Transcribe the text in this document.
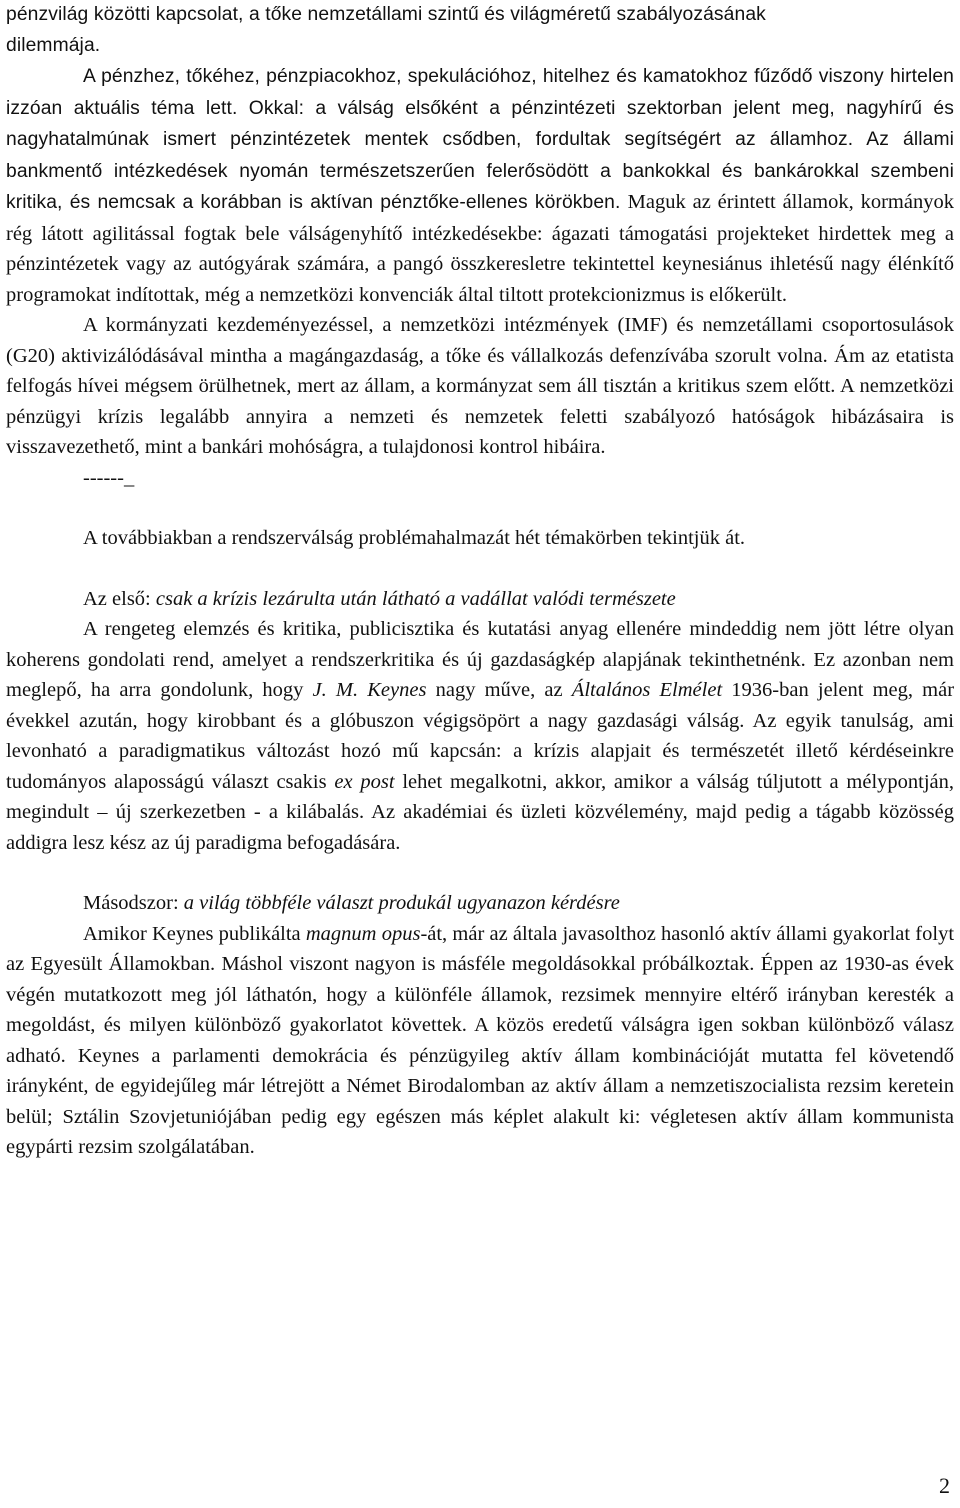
pénzvilág közötti kapcsolat, a tőke nemzetállami szintű és világméretű szabályozásának

dilemmája.

A pénzhez, tőkéhez, pénzpiacokhoz, spekulációhoz, hitelhez és kamatokhoz fűződő viszony hirtelen izzóan aktuális téma lett. Okkal: a válság elsőként a pénzintézeti szektorban jelent meg, nagyhírű és nagyhatalmúnak ismert pénzintézetek mentek csődben, fordultak segítségért az államhoz. Az állami bankmentő intézkedések nyomán természetszerűen felerősödött a bankokkal és bankárokkal szembeni kritika, és nemcsak a korábban is aktívan pénztőke-ellenes körökben. Maguk az érintett államok, kormányok rég látott agilitással fogtak bele válságenyhítő intézkedésekbe: ágazati támogatási projekteket hirdettek meg a pénzintézetek vagy az autógyárak számára, a pangó összkeresletre tekintettel keynesiánus ihletésű nagy élénkítő programokat indítottak, még a nemzetközi konvenciák által tiltott protekcionizmus is előkerült.

A kormányzati kezdeményezéssel, a nemzetközi intézmények (IMF) és nemzetállami csoportosulások (G20) aktivizálódásával mintha a magángazdaság, a tőke és vállalkozás defenzívába szorult volna. Ám az etatista felfogás hívei mégsem örülhetnek, mert az állam, a kormányzat sem áll tisztán a kritikus szem előtt. A nemzetközi pénzügyi krízis legalább annyira a nemzeti és nemzetek feletti szabályozó hatóságok hibázásaira is visszavezethető, mint a bankári mohóságra, a tulajdonosi kontrol hibáira.

------_

A továbbiakban a rendszerválság problémahalmazát hét témakörben tekintjük át.

Az első: csak a krízis lezárulta után látható a vadállat valódi természete

A rengeteg elemzés és kritika, publicisztika és kutatási anyag ellenére mindeddig nem jött létre olyan koherens gondolati rend, amelyet a rendszerkritika és új gazdaságkép alapjának tekinthetnénk. Ez azonban nem meglepő, ha arra gondolunk, hogy J. M. Keynes nagy műve, az Általános Elmélet 1936-ban jelent meg, már évekkel azután, hogy kirobbant és a glóbuszon végigsöpört a nagy gazdasági válság. Az egyik tanulság, ami levonható a paradigmatikus változást hozó mű kapcsán: a krízis alapjait és természetét illető kérdéseinkre tudományos alaposságú választ csakis ex post lehet megalkotni, akkor, amikor a válság túljutott a mélypontján, megindult – új szerkezetben - a kilábalás. Az akadémiai és üzleti közvélemény, majd pedig a tágabb közösség addigra lesz kész az új paradigma befogadására.

Másodszor: a világ többféle választ produkál ugyanazon kérdésre

Amikor Keynes publikálta magnum opus-át, már az általa javasolthoz hasonló aktív állami gyakorlat folyt az Egyesült Államokban. Máshol viszont nagyon is másféle megoldásokkal próbálkoztak. Éppen az 1930-as évek végén mutatkozott meg jól láthatón, hogy a különféle államok, rezsimek mennyire eltérő irányban keresték a megoldást, és milyen különböző gyakorlatot követtek. A közös eredetű válságra igen sokban különböző válasz adható. Keynes a parlamenti demokrácia és pénzügyileg aktív állam kombinációját mutatta fel követendő irányként, de egyidejűleg már létrejött a Német Birodalomban az aktív állam a nemzetiszocialista rezsim keretein belül; Sztálin Szovjetuniójában pedig egy egészen más képlet alakult ki: végletesen aktív állam kommunista egypárti rezsim szolgálatában.

2
